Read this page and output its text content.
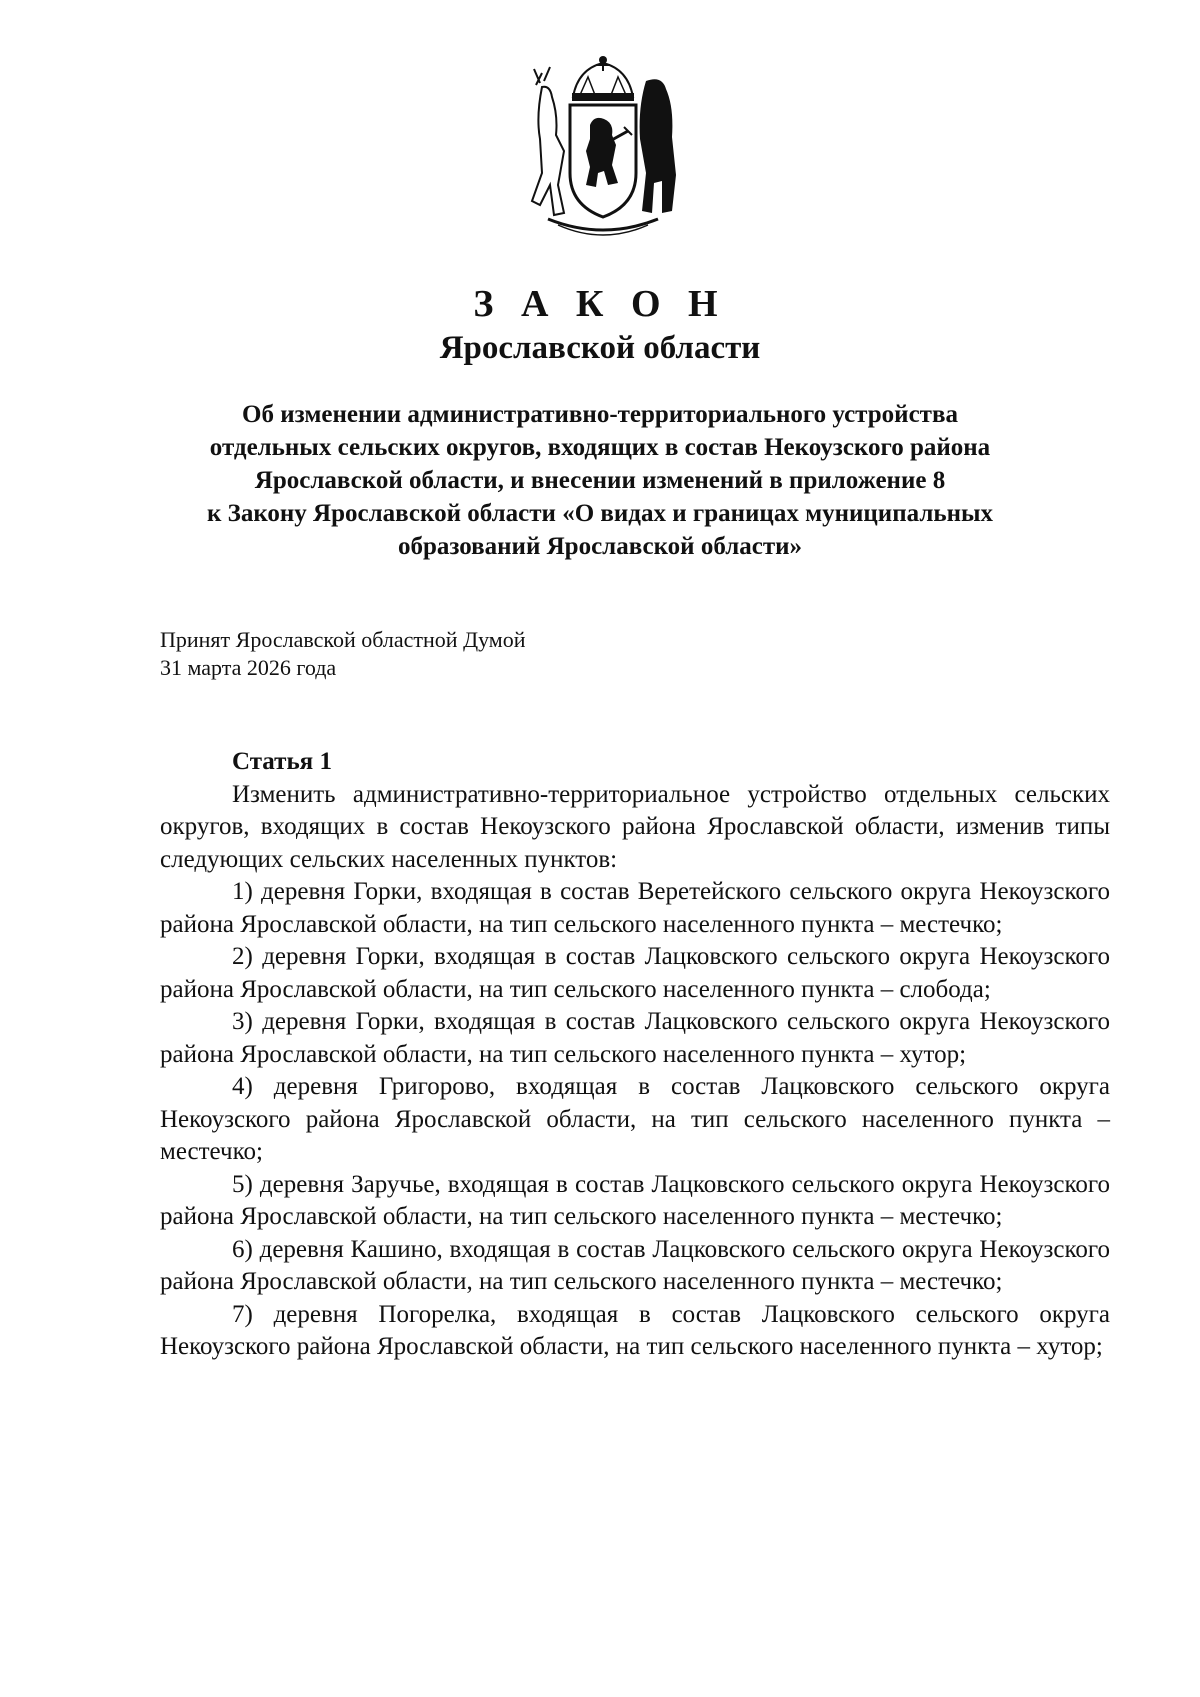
З А К О Н
Ярославской области
Об изменении административно-территориального устройства
отдельных сельских округов, входящих в состав Некоузского района
Ярославской области, и внесении изменений в приложение 8
к Закону Ярославской области «О видах и границах муниципальных
образований Ярославской области»
Принят Ярославской областной Думой
31 марта 2026 года
Статья 1

Изменить административно-территориальное устройство отдельных сельских округов, входящих в состав Некоузского района Ярославской области, изменив типы следующих сельских населенных пунктов:

1) деревня Горки, входящая в состав Веретейского сельского округа Некоузского района Ярославской области, на тип сельского населенного пункта – местечко;

2) деревня Горки, входящая в состав Лацковского сельского округа Некоузского района Ярославской области, на тип сельского населенного пункта – слобода;

3) деревня Горки, входящая в состав Лацковского сельского округа Некоузского района Ярославской области, на тип сельского населенного пункта – хутор;

4) деревня Григорово, входящая в состав Лацковского сельского округа Некоузского района Ярославской области, на тип сельского населенного пункта – местечко;

5) деревня Заручье, входящая в состав Лацковского сельского округа Некоузского района Ярославской области, на тип сельского населенного пункта – местечко;

6) деревня Кашино, входящая в состав Лацковского сельского округа Некоузского района Ярославской области, на тип сельского населенного пункта – местечко;

7) деревня Погорелка, входящая в состав Лацковского сельского округа Некоузского района Ярославской области, на тип сельского населенного пункта – хутор;
